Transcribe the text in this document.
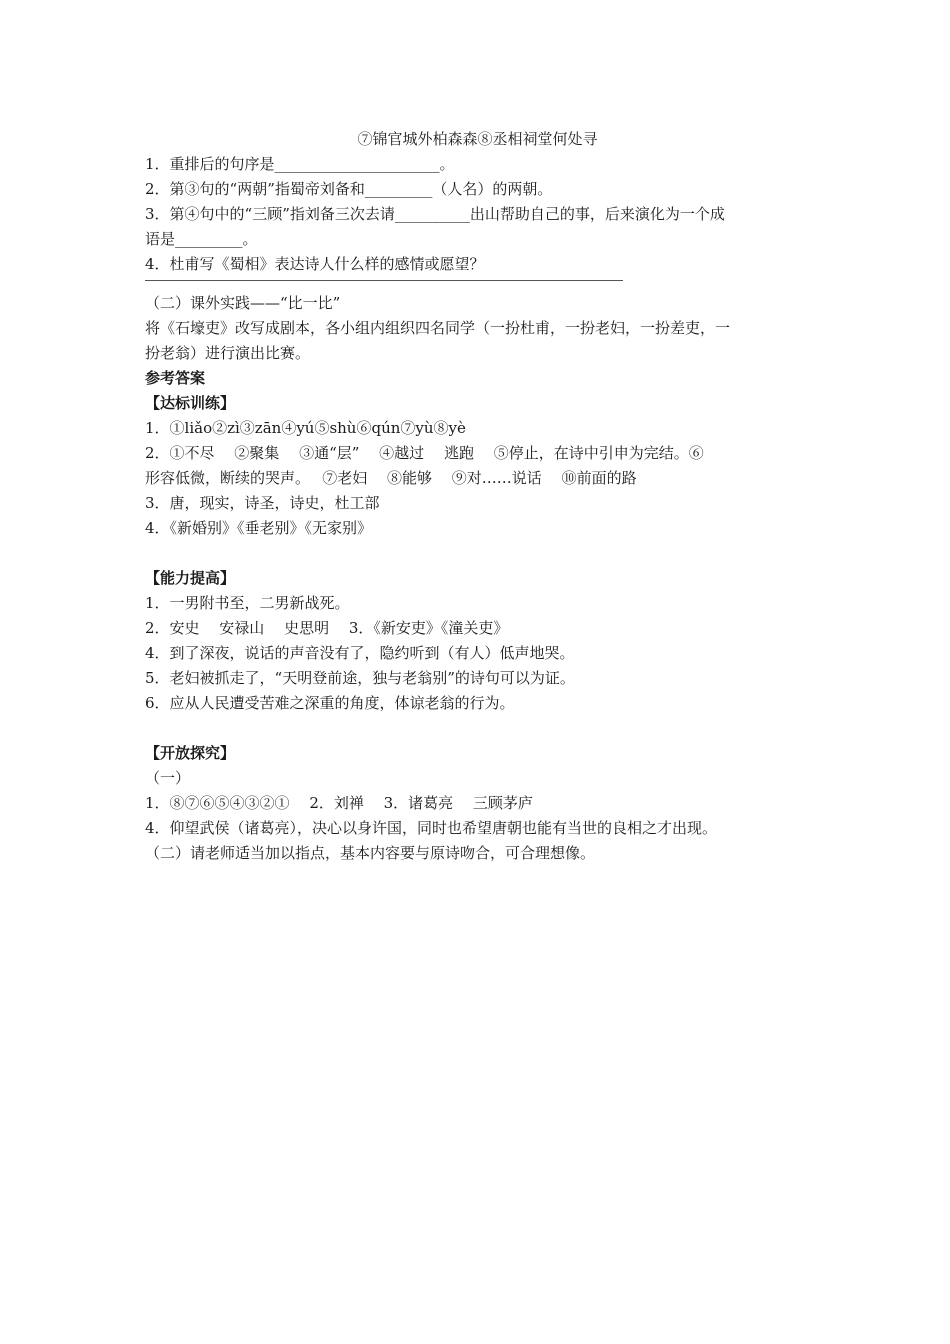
⑦锦官城外柏森森⑧丞相祠堂何处寻
1．重排后的句序是______________________。
2．第③句的“两朝”指蜀帝刘备和_________（人名）的两朝。
3．第④句中的“三顾”指刘备三次去请__________出山帮助自己的事，后来演化为一个成
语是_________。
4．杜甫写《蜀相》表达诗人什么样的感情或愿望？
（二）课外实践——“比一比”
将《石壕吏》改写成剧本，各小组内组织四名同学（一扮杜甫，一扮老妇，一扮差吏，一
扮老翁）进行演出比赛。
参考答案
【达标训练】
1．①liǎo②zì③zān④yú⑤shù⑥qún⑦yù⑧yè
2．①不尽　 ②聚集　 ③通“层”　 ④越过　 逃跑　 ⑤停止，在诗中引申为完结。⑥
形容低微，断续的哭声。　 ⑦老妇　 ⑧能够　 ⑨对……说话　 ⑩前面的路
3．唐，现实，诗圣，诗史，杜工部
4．《新婚别》《垂老别》《无家别》
【能力提高】
1．一男附书至，二男新战死。
2．安史　 安禄山　 史思明　 3．《新安吏》《潼关吏》
4．到了深夜，说话的声音没有了，隐约听到（有人）低声地哭。
5．老妇被抓走了，“天明登前途，独与老翁别”的诗句可以为证。
6．应从人民遭受苦难之深重的角度，体谅老翁的行为。
【开放探究】
（一）
1．⑧⑦⑥⑤④③②①　 2．刘禅　 3．诸葛亮　 三顾茅庐
4．仰望武侯（诸葛亮），决心以身许国，同时也希望唐朝也能有当世的良相之才出现。
（二）请老师适当加以指点，基本内容要与原诗吻合，可合理想像。
